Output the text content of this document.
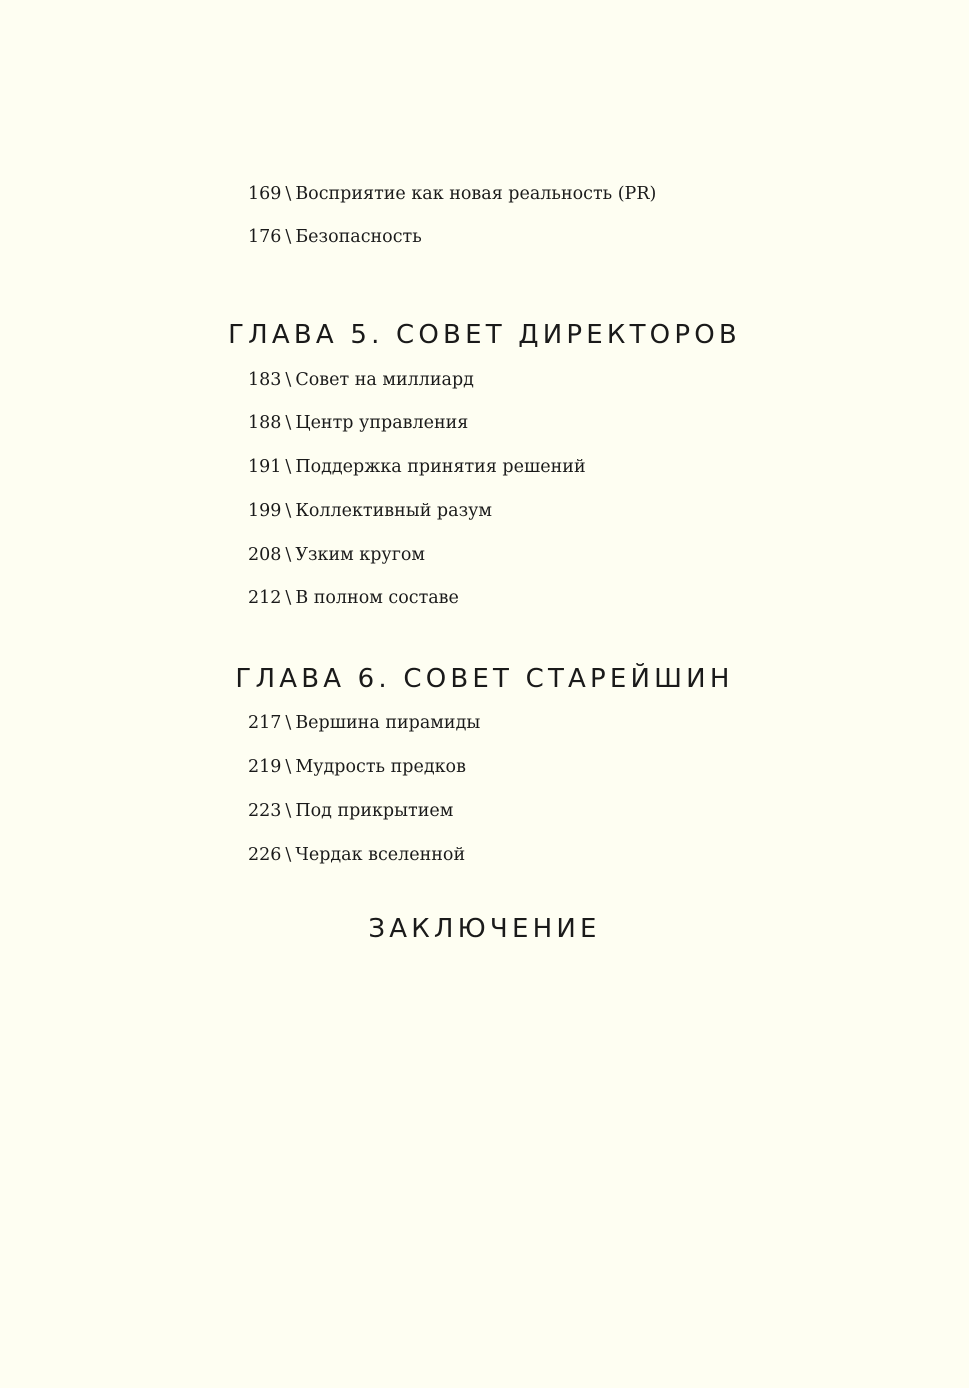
169 \ Восприятие как новая реальность (PR)
176 \ Безопасность
ГЛАВА 5. СОВЕТ ДИРЕКТОРОВ
183 \ Совет на миллиард
188 \ Центр управления
191 \ Поддержка принятия решений
199 \ Коллективный разум
208 \ Узким кругом
212 \ В полном составе
ГЛАВА 6. СОВЕТ СТАРЕЙШИН
217 \ Вершина пирамиды
219 \ Мудрость предков
223 \ Под прикрытием
226 \ Чердак вселенной
ЗАКЛЮЧЕНИЕ
